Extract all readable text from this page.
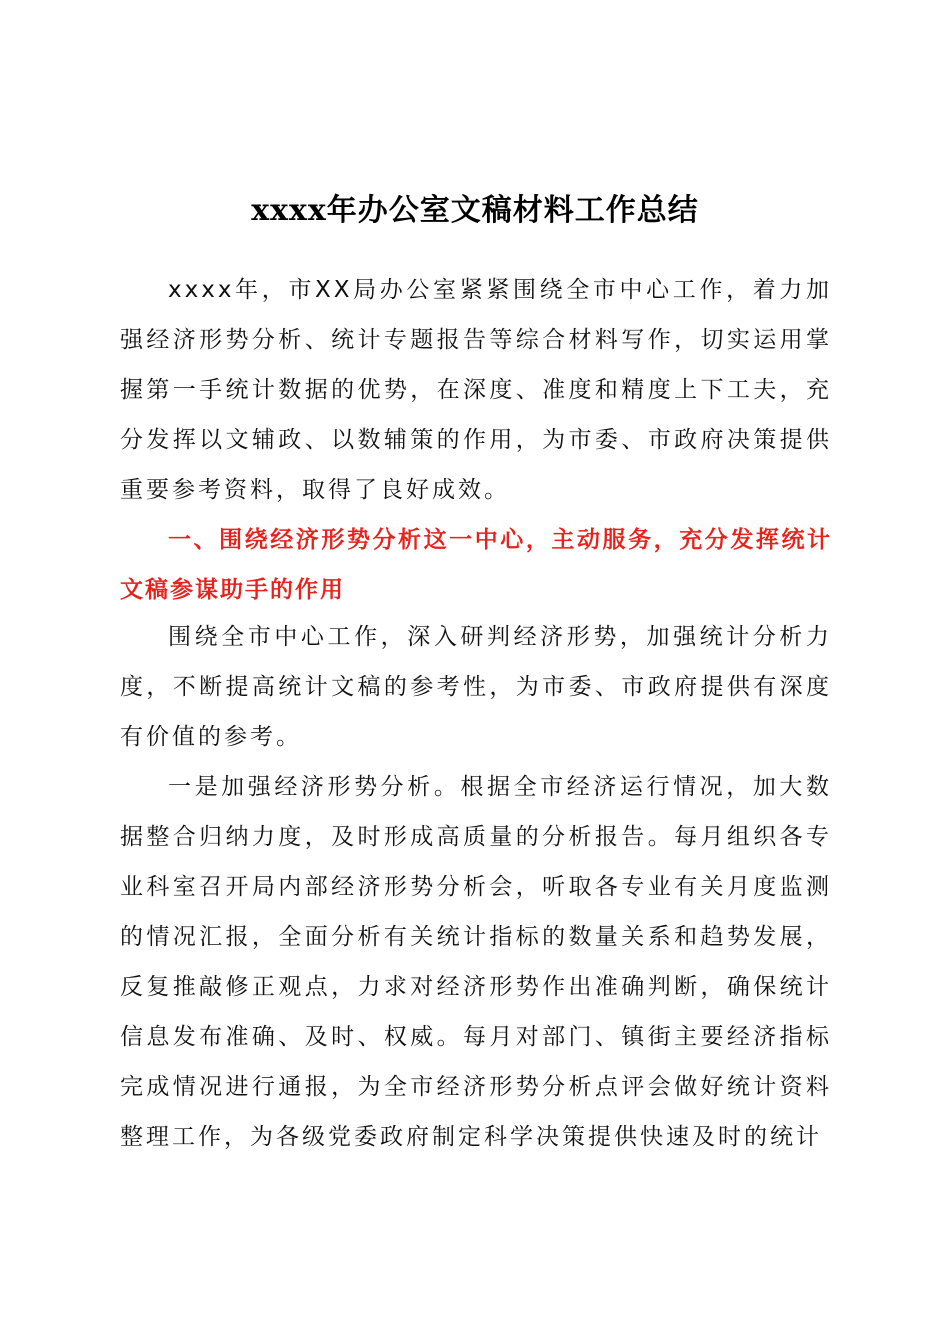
xxxx年办公室文稿材料工作总结

xxxx年，市XX局办公室紧紧围绕全市中心工作，着力加强经济形势分析、统计专题报告等综合材料写作，切实运用掌握第一手统计数据的优势，在深度、准度和精度上下工夫，充分发挥以文辅政、以数辅策的作用，为市委、市政府决策提供重要参考资料，取得了良好成效。

一、围绕经济形势分析这一中心，主动服务，充分发挥统计文稿参谋助手的作用

围绕全市中心工作，深入研判经济形势，加强统计分析力度，不断提高统计文稿的参考性，为市委、市政府提供有深度有价值的参考。

一是加强经济形势分析。根据全市经济运行情况，加大数据整合归纳力度，及时形成高质量的分析报告。每月组织各专业科室召开局内部经济形势分析会，听取各专业有关月度监测的情况汇报，全面分析有关统计指标的数量关系和趋势发展，反复推敲修正观点，力求对经济形势作出准确判断，确保统计信息发布准确、及时、权威。每月对部门、镇街主要经济指标完成情况进行通报，为全市经济形势分析点评会做好统计资料整理工作，为各级党委政府制定科学决策提供快速及时的统计
